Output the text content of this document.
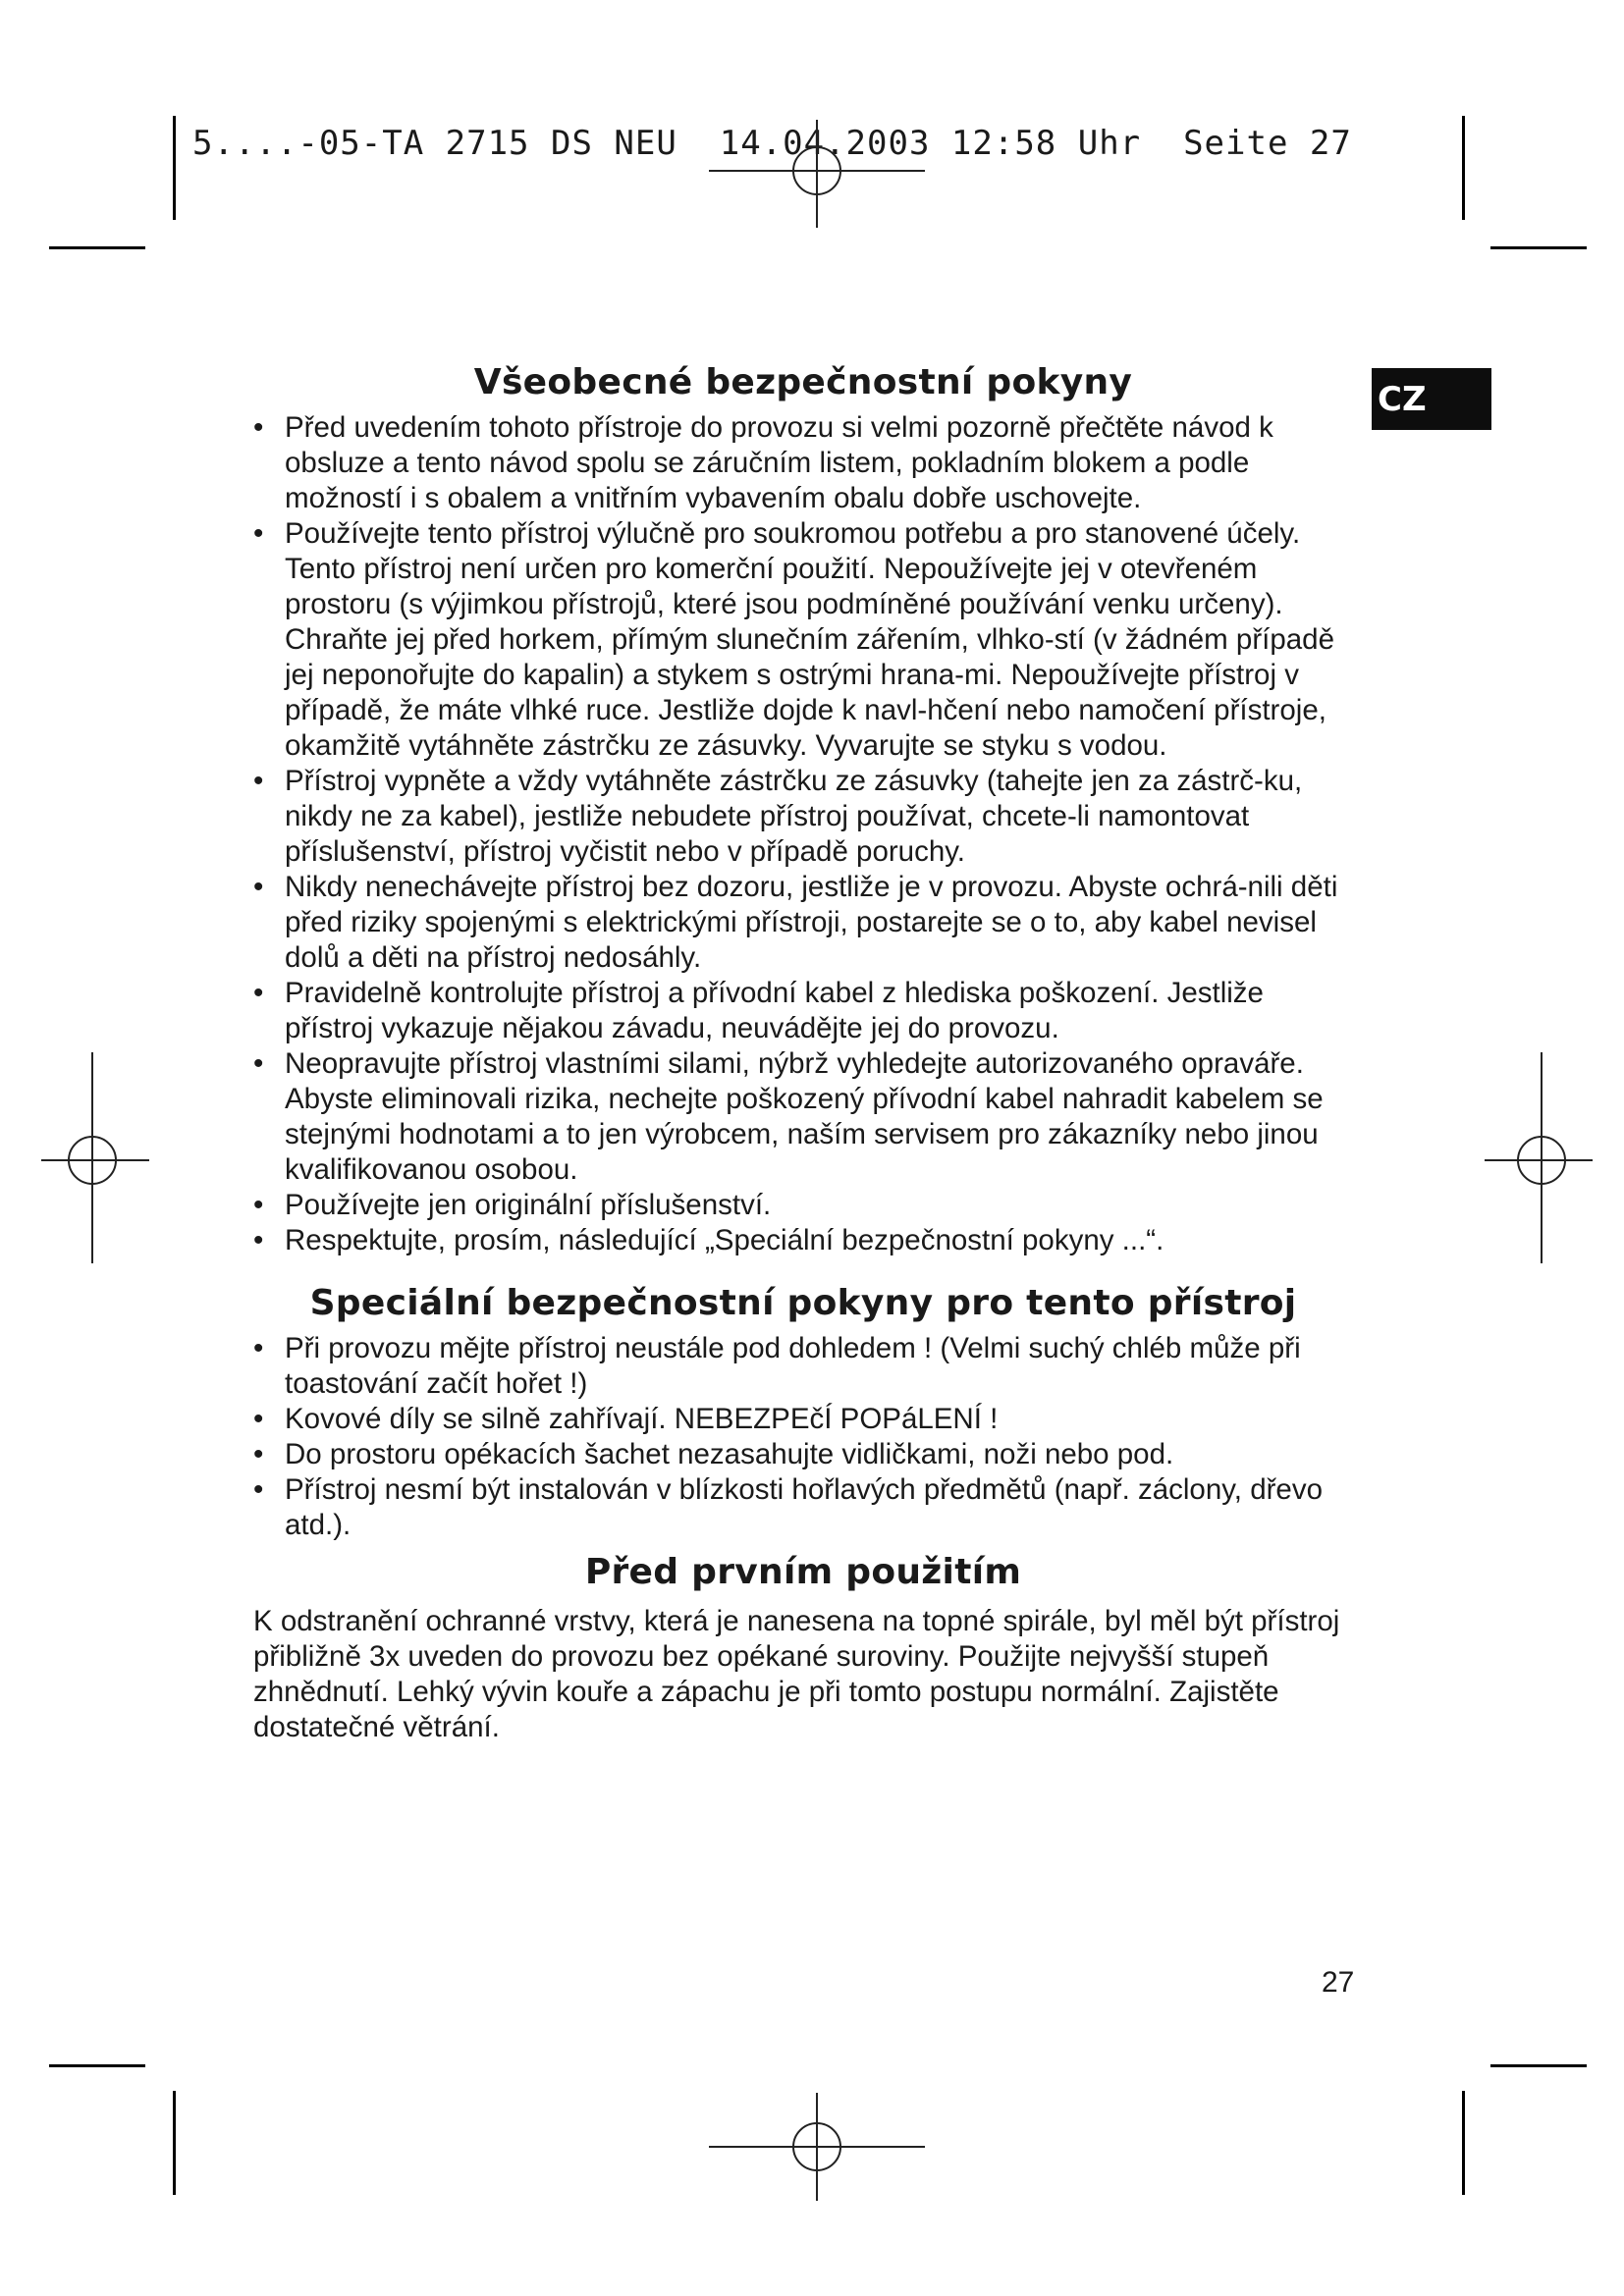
5....-05-TA 2715 DS NEU  14.04.2003 12:58 Uhr  Seite 27
CZ
Všeobecné bezpečnostní pokyny
• Před uvedením tohoto přístroje do provozu si velmi pozorně přečtěte návod k obsluze a tento návod spolu se záručním listem, pokladním blokem a podle možností i s obalem a vnitřním vybavením obalu dobře uschovejte.
• Používejte tento přístroj výlučně pro soukromou potřebu a pro stanovené účely. Tento přístroj není určen pro komerční použití. Nepoužívejte jej v otevřeném prostoru (s výjimkou přístrojů, které jsou podmíněné používání venku určeny). Chraňte jej před horkem, přímým slunečním zářením, vlhko-stí (v žádném případě jej neponořujte do kapalin) a stykem s ostrými hrana-mi. Nepoužívejte přístroj v případě, že máte vlhké ruce. Jestliže dojde k navl-hčení nebo namočení přístroje, okamžitě vytáhněte zástrčku ze zásuvky. Vyvarujte se styku s vodou.
• Přístroj vypněte a vždy vytáhněte zástrčku ze zásuvky (tahejte jen za zástrč-ku, nikdy ne za kabel), jestliže nebudete přístroj používat, chcete-li namontovat příslušenství, přístroj vyčistit nebo v případě poruchy.
• Nikdy nenechávejte přístroj bez dozoru, jestliže je v provozu. Abyste ochrá-nili děti před riziky spojenými s elektrickými přístroji, postarejte se o to, aby kabel nevisel dolů a děti na přístroj nedosáhly.
• Pravidelně kontrolujte přístroj a přívodní kabel z hlediska poškození. Jestliže přístroj vykazuje nějakou závadu, neuvádějte jej do provozu.
• Neopravujte přístroj vlastními silami, nýbrž vyhledejte autorizovaného opraváře. Abyste eliminovali rizika, nechejte poškozený přívodní kabel nahradit kabelem se stejnými hodnotami a to jen výrobcem, naším servisem pro zákazníky nebo jinou kvalifikovanou osobou.
• Používejte jen originální příslušenství.
• Respektujte, prosím, následující „Speciální bezpečnostní pokyny ...“.
Speciální bezpečnostní pokyny pro tento přístroj
• Při provozu mějte přístroj neustále pod dohledem ! (Velmi suchý chléb může při toastování začít hořet !)
• Kovové díly se silně zahřívají. NEBEZPEčÍ POPáLENÍ !
• Do prostoru opékacích šachet nezasahujte vidličkami, noži nebo pod.
• Přístroj nesmí být instalován v blízkosti hořlavých předmětů (např. záclony, dřevo atd.).
Před prvním použitím

K odstranění ochranné vrstvy, která je nanesena na topné spirále, byl měl být přístroj přibližně 3x uveden do provozu bez opékané suroviny. Použijte nejvyšší stupeň zhnědnutí. Lehký vývin kouře a zápachu je při tomto postupu normální. Zajistěte dostatečné větrání.

27
